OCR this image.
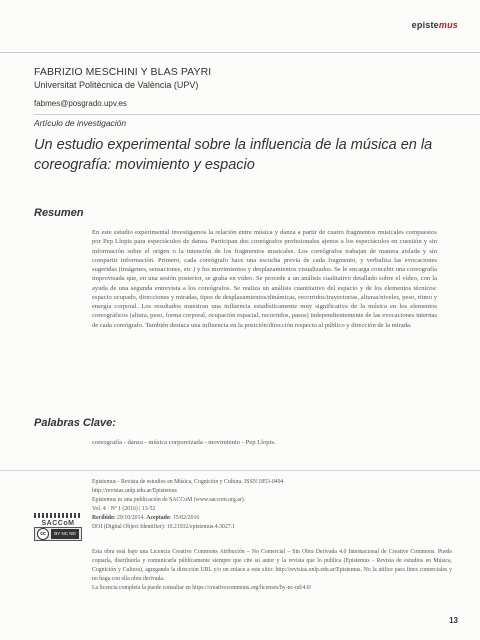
epistemus
FABRIZIO MESCHINI Y BLAS PAYRI
Universitat Politècnica de València (UPV)
fabmes@posgrado.upv.es
Artículo de investigación
Un estudio experimental sobre la influencia de la música en la coreografía: movimiento y espacio
Resumen
En este estudio experimental investigamos la relación entre música y danza a partir de cuatro fragmentos musicales compuestos por Pep Llopis para espectáculos de danza. Participan dos coreógrafos profesionales ajenos a los espectáculos en cuestión y sin información sobre el origen o la intención de los fragmentos musicales. Los coreógrafos trabajan de manera aislada y sin compartir información. Primero, cada coreógrafo hace una escucha previa de cada fragmento, y verbaliza las evocaciones sugeridas (imágenes, sensaciones, etc.) y los movimientos y desplazamientos visualizados. Se le encarga concebir una coreografía improvisada que, en una sesión posterior, se graba en vídeo. Se procede a un análisis cualitativo detallado sobre el vídeo, con la ayuda de una segunda entrevista a los coreógrafos. Se realiza un análisis cuantitativo del espacio y de los elementos técnicos: espacio ocupado, direcciones y miradas, tipos de desplazamientos/dinámicas, recorridos/trayectorias, alturas/niveles, peso, ritmo y energía corporal. Los resultados muestran una influencia estadísticamente muy significativa de la música en los elementos coreográficos (altura, peso, forma corporal, ocupación espacial, recorridos, pasos) independientemente de las evocaciones internas de cada coreógrafo. También destaca una influencia en la posición/dirección respecto al público y dirección de la mirada.
Palabras Clave:
coreografía - danza - música corporeizada - movimiento - Pep Llopis.
Epistemus - Revista de estudios en Música, Cognición y Cultura. ISSN 1853-0494
http://revistas.unlp.edu.ar/Epistemus
Epistemus es una publicación de SACCoM (www.saccom.org.ar).
Vol. 4 · Nº 1 (2016) | 13-52
Recibido: 29/10/2014. Aceptado: 15/02/2016
DOI (Digital Object Identifier): 10.21932/epistemus.4.3027.1
SACCoM
cc	BY NC ND
Esta obra está bajo una Licencia Creative Commons Atribución – No Comercial – Sin Obra Derivada 4.0 Internacional de Creative Commons. Puede copiarla, distribuirla y comunicarla públicamente siempre que cite su autor y la revista que lo publica (Epistemus - Revista de estudios en Música, Cognición y Cultura), agregando la dirección URL y/o un enlace a este sitio: http://revistas.unlp.edu.ar/Epistemus. No la utilice para fines comerciales y no haga con ella obra derivada.
La licencia completa la puede consultar en https://creativecommons.org/licenses/by-nc-nd/4.0/
13
